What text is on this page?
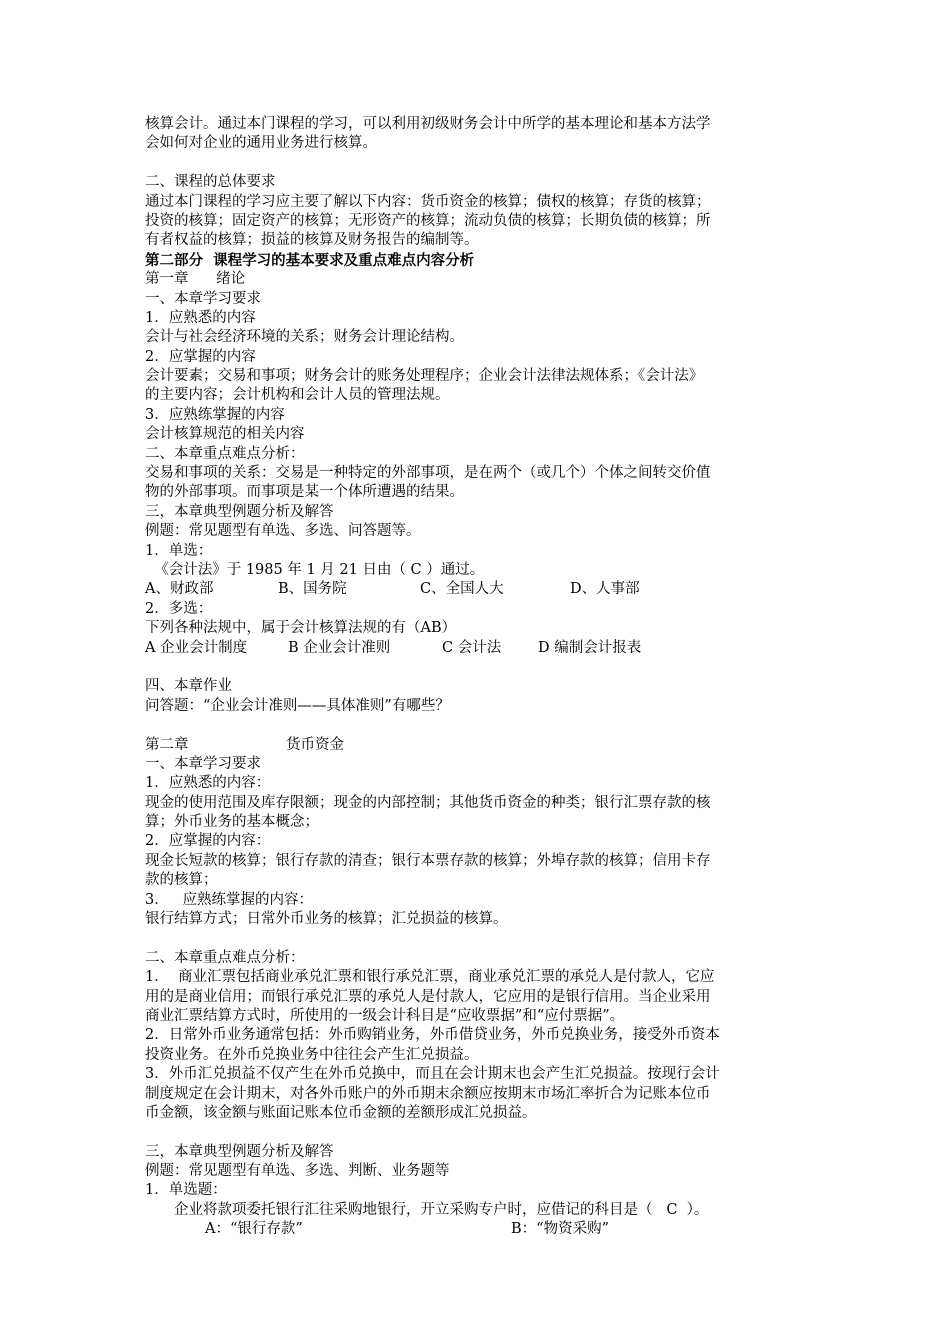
核算会计。通过本门课程的学习，可以利用初级财务会计中所学的基本理论和基本方法学
会如何对企业的通用业务进行核算。
二、课程的总体要求
通过本门课程的学习应主要了解以下内容：货币资金的核算；债权的核算；存货的核算；
投资的核算；固定资产的核算；无形资产的核算；流动负债的核算；长期负债的核算；所
有者权益的核算；损益的核算及财务报告的编制等。
第二部分  课程学习的基本要求及重点难点内容分析
第一章      绪论
一、本章学习要求
1．应熟悉的内容
会计与社会经济环境的关系；财务会计理论结构。
2．应掌握的内容
会计要素；交易和事项；财务会计的账务处理程序；企业会计法律法规体系；《会计法》
的主要内容；会计机构和会计人员的管理法规。
3．应熟练掌握的内容
会计核算规范的相关内容
二、本章重点难点分析：
交易和事项的关系：交易是一种特定的外部事项，是在两个（或几个）个体之间转交价值
物的外部事项。而事项是某一个体所遭遇的结果。
三，本章典型例题分析及解答
例题：常见题型有单选、多选、问答题等。
1．单选：
《会计法》于 1985 年 1 月 21 日由（ C ）通过。

A、财政部

	B、国务院

	C、全国人大

	D、人事部

2．多选：
下列各种法规中，属于会计核算法规的有（AB）

A 企业会计制度

	B 企业会计准则

	C 会计法

	D 编制会计报表

四、本章作业
问答题：“企业会计准则——具体准则”有哪些？

第二章

	货币资金

一、本章学习要求
1．应熟悉的内容：
现金的使用范围及库存限额；现金的内部控制；其他货币资金的种类；银行汇票存款的核
算；外币业务的基本概念；
2．应掌握的内容：
现金长短款的核算；银行存款的清查；银行本票存款的核算；外埠存款的核算；信用卡存
款的核算；
3．   应熟练掌握的内容：
银行结算方式；日常外币业务的核算；汇兑损益的核算。
二、本章重点难点分析：
1．  商业汇票包括商业承兑汇票和银行承兑汇票，商业承兑汇票的承兑人是付款人，它应
用的是商业信用；而银行承兑汇票的承兑人是付款人，它应用的是银行信用。当企业采用
商业汇票结算方式时，所使用的一级会计科目是“应收票据”和“应付票据”。
2．日常外币业务通常包括：外币购销业务，外币借贷业务，外币兑换业务，接受外币资本
投资业务。在外币兑换业务中往往会产生汇兑损益。
3．外币汇兑损益不仅产生在外币兑换中，而且在会计期末也会产生汇兑损益。按现行会计
制度规定在会计期末，对各外币账户的外币期末余额应按期末市场汇率折合为记账本位币
币金额，该金额与账面记账本位币金额的差额形成汇兑损益。
三，本章典型例题分析及解答
例题：常见题型有单选、多选、判断、业务题等
1．单选题：
企业将款项委托银行汇往采购地银行，开立采购专户时，应借记的科目是（   C  ）。

A：“银行存款”

	B：“物资采购”
